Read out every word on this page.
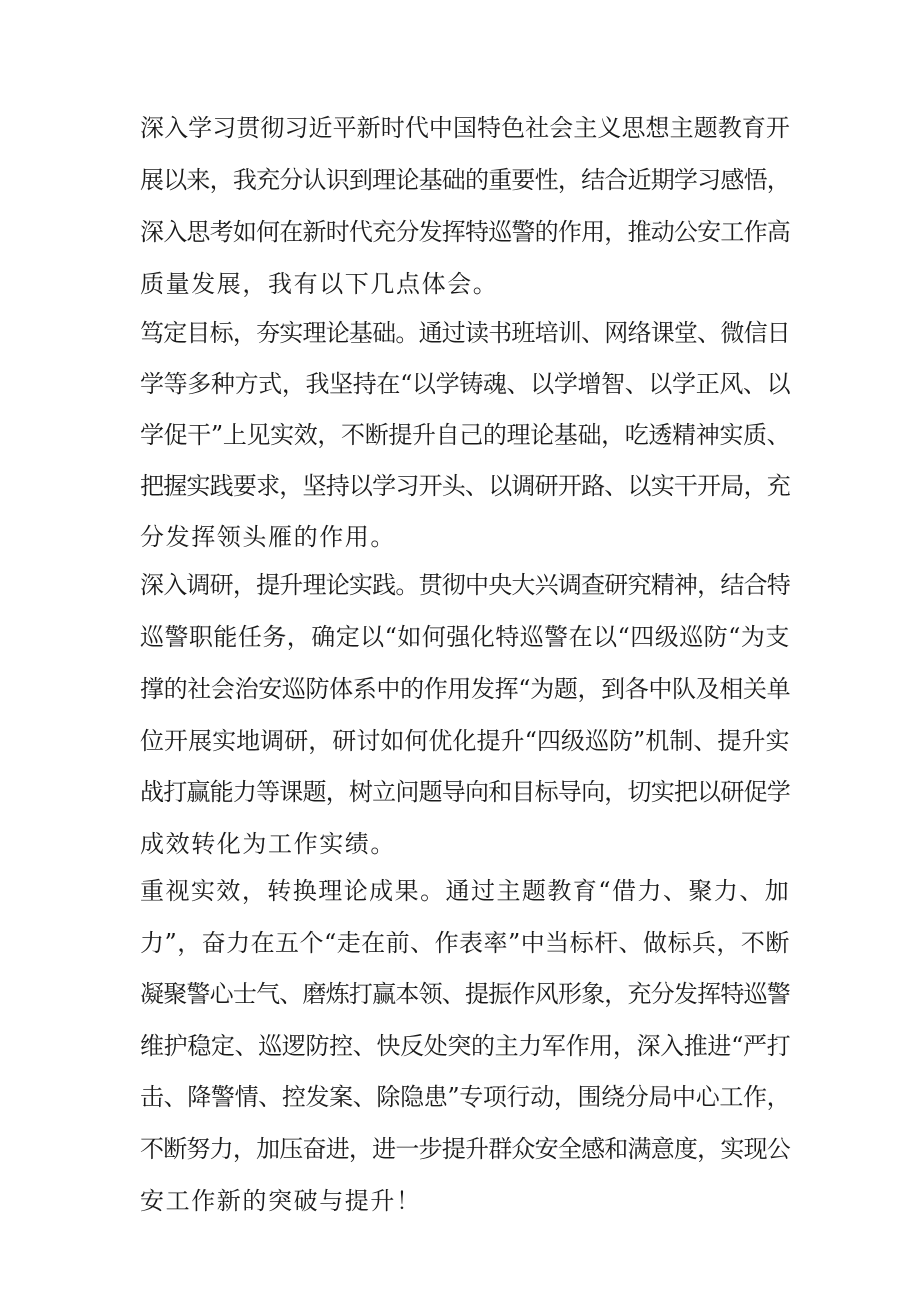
深入学习贯彻习近平新时代中国特色社会主义思想主题教育开
展以来，我充分认识到理论基础的重要性，结合近期学习感悟，
深入思考如何在新时代充分发挥特巡警的作用，推动公安工作高
质量发展，我有以下几点体会。
笃定目标，夯实理论基础。通过读书班培训、网络课堂、微信日
学等多种方式，我坚持在“以学铸魂、以学增智、以学正风、以
学促干”上见实效，不断提升自己的理论基础，吃透精神实质、
把握实践要求，坚持以学习开头、以调研开路、以实干开局，充
分发挥领头雁的作用。
深入调研，提升理论实践。贯彻中央大兴调查研究精神，结合特
巡警职能任务，确定以“如何强化特巡警在以“四级巡防“为支
撑的社会治安巡防体系中的作用发挥“为题，到各中队及相关单
位开展实地调研，研讨如何优化提升“四级巡防”机制、提升实
战打赢能力等课题，树立问题导向和目标导向，切实把以研促学
成效转化为工作实绩。
重视实效，转换理论成果。通过主题教育“借力、聚力、加
力”，奋力在五个“走在前、作表率”中当标杆、做标兵，不断
凝聚警心士气、磨炼打赢本领、提振作风形象，充分发挥特巡警
维护稳定、巡逻防控、快反处突的主力军作用，深入推进“严打
击、降警情、控发案、除隐患”专项行动，围绕分局中心工作，
不断努力，加压奋进，进一步提升群众安全感和满意度，实现公
安工作新的突破与提升！
